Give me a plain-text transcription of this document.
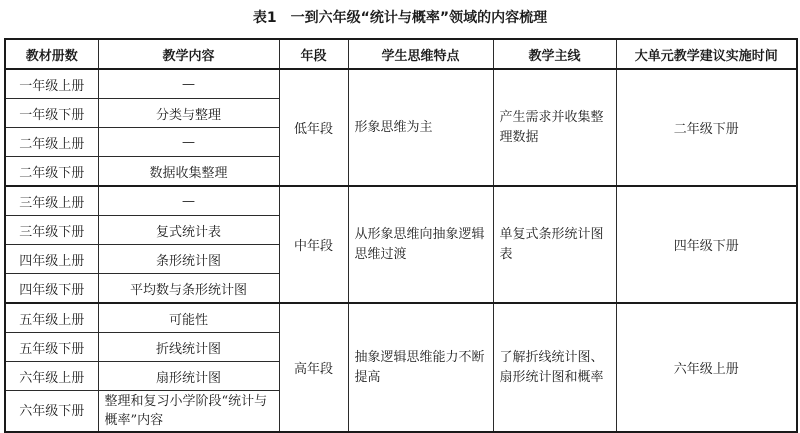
表1 一到六年级“统计与概率”领域的内容梳理
教材册数	教学内容	年段	学生思维特点	教学主线	大单元教学建议实施时间
一年级上册	—	低年段	形象思维为主	产生需求并收集整理数据	二年级下册
一年级下册	分类与整理				
二年级上册	—				
二年级下册	数据收集整理				
三年级上册	—	中年段	从形象思维向抽象逻辑思维过渡	单复式条形统计图表	四年级下册
三年级下册	复式统计表				
四年级上册	条形统计图				
四年级下册	平均数与条形统计图				
五年级上册	可能性	高年段	抽象逻辑思维能力不断提高	了解折线统计图、扇形统计图和概率	六年级上册
五年级下册	折线统计图				
六年级上册	扇形统计图				
六年级下册	整理和复习小学阶段“统计与概率”内容				
